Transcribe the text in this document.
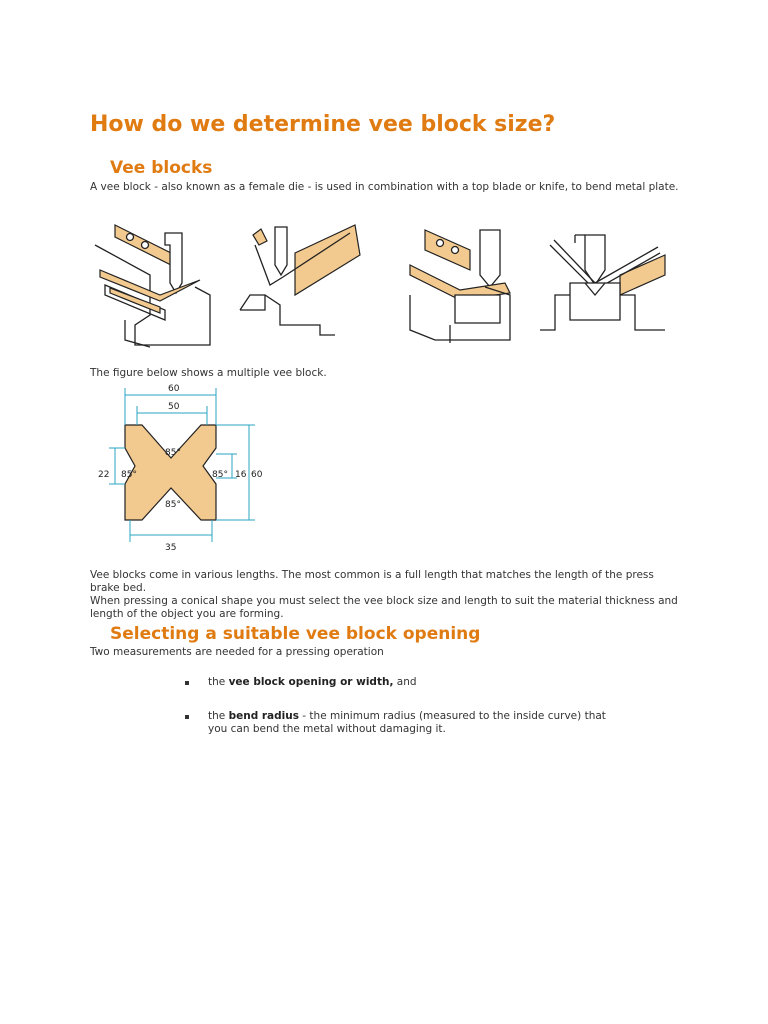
How do we determine vee block size?
Vee blocks

A vee block - also known as a female die - is used in combination with a top blade or knife, to bend metal plate.

The figure below shows a multiple vee block.

60
50
35
22	16 60
85°
85°	85°
85°

Vee blocks come in various lengths. The most common is a full length that matches the length of the press brake bed.
When pressing a conical shape you must select the vee block size and length to suit the material thickness and length of the object you are forming.

Selecting a suitable vee block opening

Two measurements are needed for a pressing operation

the vee block opening or width, and
the bend radius - the minimum radius (measured to the inside curve) that you can bend the metal without damaging it.
